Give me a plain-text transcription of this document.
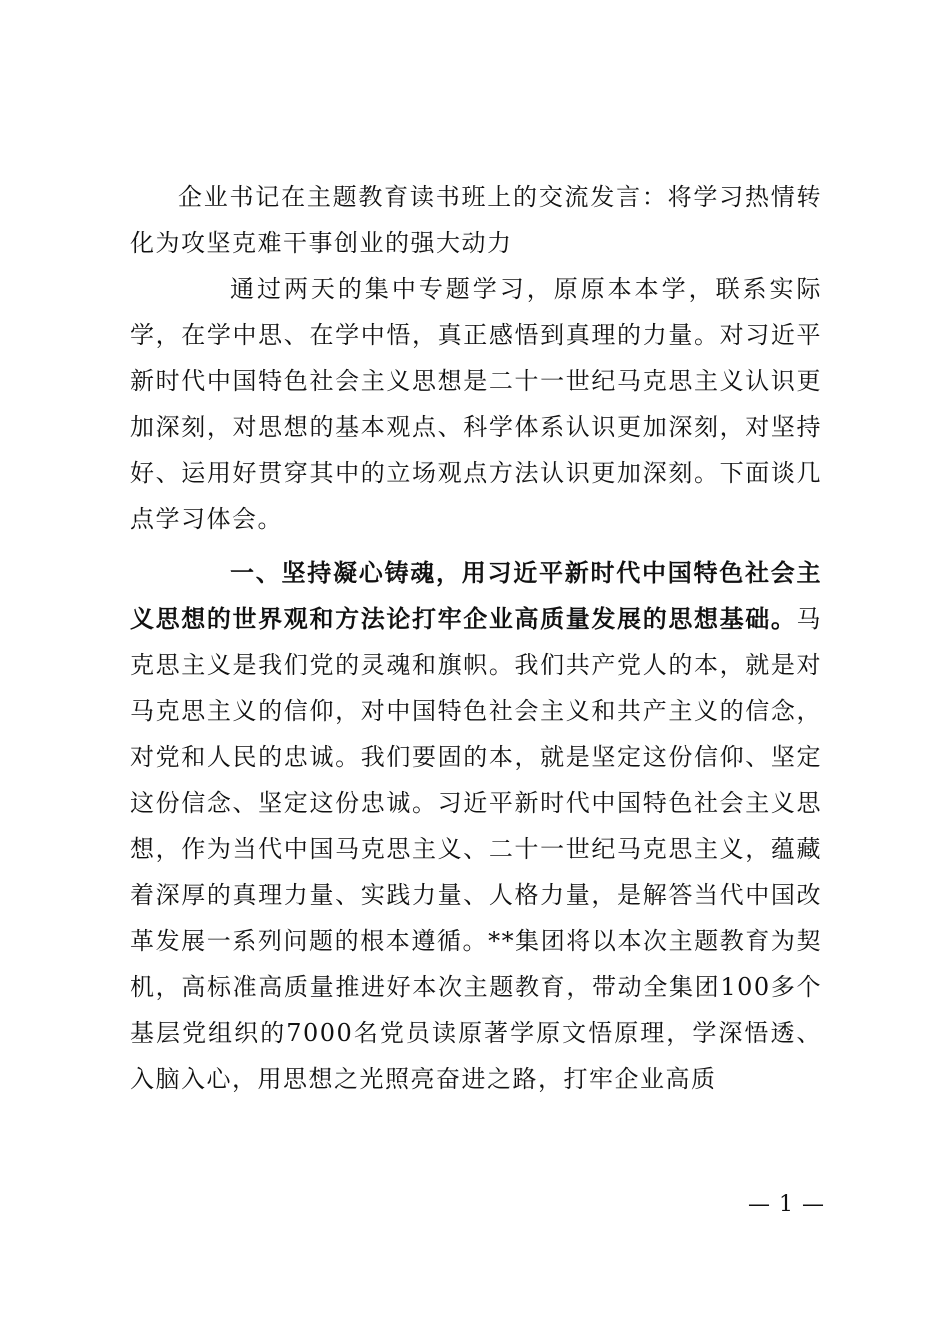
企业书记在主题教育读书班上的交流发言：将学习热情转化为攻坚克难干事创业的强大动力

通过两天的集中专题学习，原原本本学，联系实际学，在学中思、在学中悟，真正感悟到真理的力量。对习近平新时代中国特色社会主义思想是二十一世纪马克思主义认识更加深刻，对思想的基本观点、科学体系认识更加深刻，对坚持好、运用好贯穿其中的立场观点方法认识更加深刻。下面谈几点学习体会。

一、坚持凝心铸魂，用习近平新时代中国特色社会主义思想的世界观和方法论打牢企业高质量发展的思想基础。马克思主义是我们党的灵魂和旗帜。我们共产党人的本，就是对马克思主义的信仰，对中国特色社会主义和共产主义的信念，对党和人民的忠诚。我们要固的本，就是坚定这份信仰、坚定这份信念、坚定这份忠诚。习近平新时代中国特色社会主义思想，作为当代中国马克思主义、二十一世纪马克思主义，蕴藏着深厚的真理力量、实践力量、人格力量，是解答当代中国改革发展一系列问题的根本遵循。**集团将以本次主题教育为契机，高标准高质量推进好本次主题教育，带动全集团100多个基层党组织的7000名党员读原著学原文悟原理，学深悟透、入脑入心，用思想之光照亮奋进之路，打牢企业高质

— 1 —
